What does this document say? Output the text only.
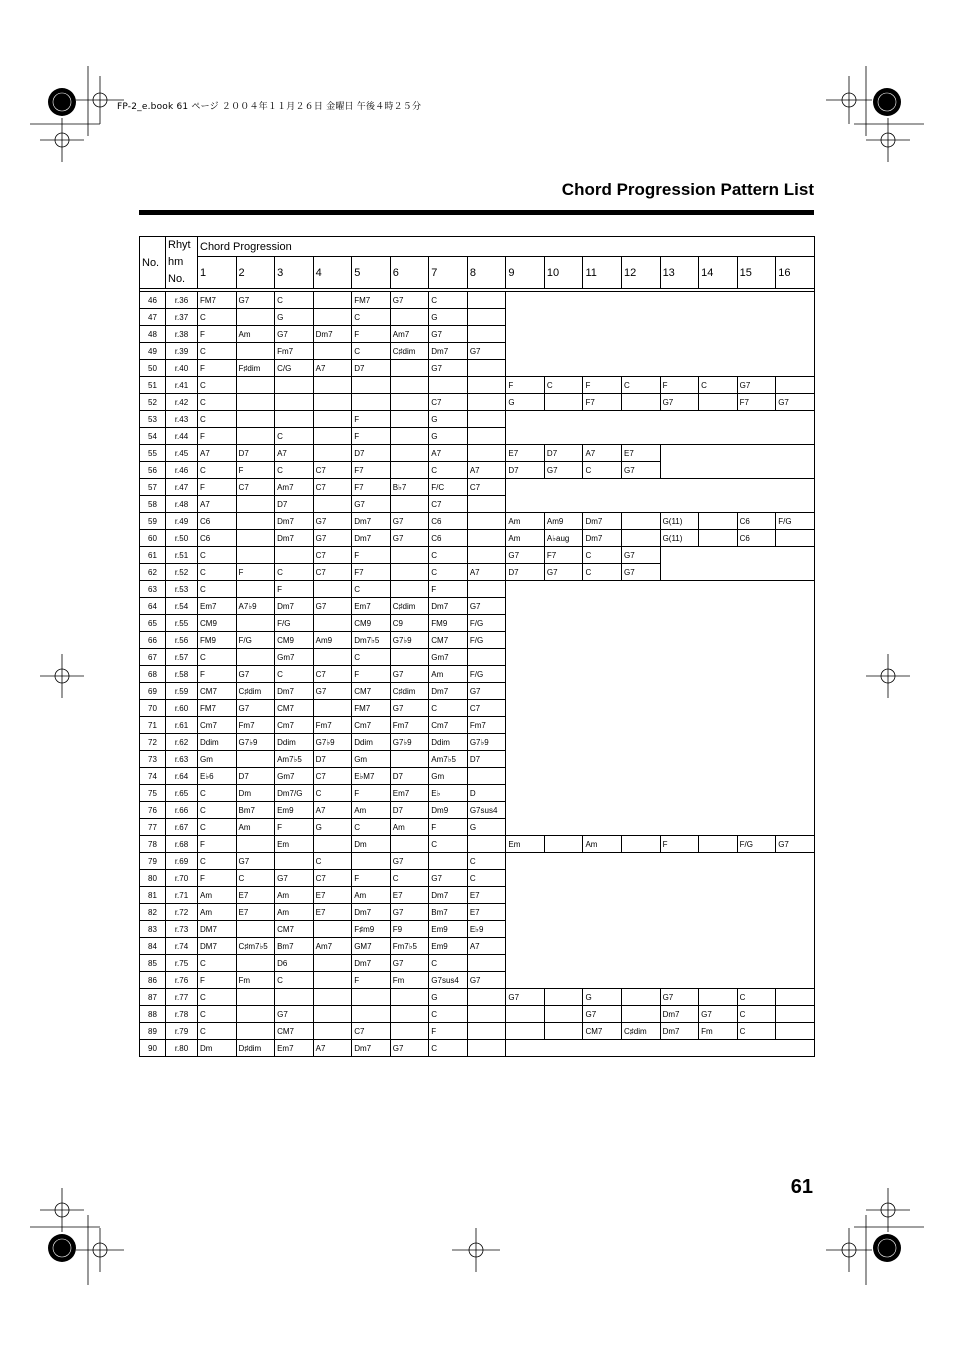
FP-2_e.book 61 ページ ２００４年１１月２６日 金曜日 午後４時２５分
Chord Progression Pattern List
No.	Rhyt
hm
No.	Chord Progression															
		1	2	3	4	5	6	7	8	9	10	11	12	13	14	15	16

46	r.36	FM7	G7	C		FM7	G7	C									
47	r.37	C		G		C		G									
48	r.38	F	Am	G7	Dm7	F	Am7	G7									
49	r.39	C		Fm7		C	C♯dim	Dm7	G7								
50	r.40	F	F♯dim	C/G	A7	D7		G7									
51	r.41	C								F	C	F	C	F	C	G7	
52	r.42	C						C7		G		F7		G7		F7	G7
53	r.43	C				F		G									
54	r.44	F		C		F		G									
55	r.45	A7	D7	A7		D7		A7		E7	D7	A7	E7				
56	r.46	C	F	C	C7	F7		C	A7	D7	G7	C	G7				
57	r.47	F	C7	Am7	C7	F7	B♭7	F/C	C7								
58	r.48	A7		D7		G7		C7									
59	r.49	C6		Dm7	G7	Dm7	G7	C6		Am	Am9	Dm7		G(11)		C6	F/G
60	r.50	C6		Dm7	G7	Dm7	G7	C6		Am	A♭aug	Dm7		G(11)		C6	
61	r.51	C			C7	F		C		G7	F7	C	G7				
62	r.52	C	F	C	C7	F7		C	A7	D7	G7	C	G7				
63	r.53	C		F		C		F									
64	r.54	Em7	A7♭9	Dm7	G7	Em7	C♯dim	Dm7	G7								
65	r.55	CM9		F/G		CM9	C9	FM9	F/G								
66	r.56	FM9	F/G	CM9	Am9	Dm7♭5	G7♭9	CM7	F/G								
67	r.57	C		Gm7		C		Gm7									
68	r.58	F	G7	C	C7	F	G7	Am	F/G								
69	r.59	CM7	C♯dim	Dm7	G7	CM7	C♯dim	Dm7	G7								
70	r.60	FM7	G7	CM7		FM7	G7	C	C7								
71	r.61	Cm7	Fm7	Cm7	Fm7	Cm7	Fm7	Cm7	Fm7								
72	r.62	Ddim	G7♭9	Ddim	G7♭9	Ddim	G7♭9	Ddim	G7♭9								
73	r.63	Gm		Am7♭5	D7	Gm		Am7♭5	D7								
74	r.64	E♭6	D7	Gm7	C7	E♭M7	D7	Gm									
75	r.65	C	Dm	Dm7/G	C	F	Em7	E♭	D								
76	r.66	C	Bm7	Em9	A7	Am	D7	Dm9	G7sus4								
77	r.67	C	Am	F	G	C	Am	F	G								
78	r.68	F		Em		Dm		C		Em		Am		F		F/G	G7
79	r.69	C	G7		C		G7		C								
80	r.70	F	C	G7	C7	F	C	G7	C								
81	r.71	Am	E7	Am	E7	Am	E7	Dm7	E7								
82	r.72	Am	E7	Am	E7	Dm7	G7	Bm7	E7								
83	r.73	DM7		CM7		F♯m9	F9	Em9	E♭9								
84	r.74	DM7	C♯m7♭5	Bm7	Am7	GM7	Fm7♭5	Em9	A7								
85	r.75	C		D6		Dm7	G7	C									
86	r.76	F	Fm	C		F	Fm	G7sus4	G7								
87	r.77	C						G		G7		G		G7		C	
88	r.78	C		G7				C				G7		Dm7	G7	C	
89	r.79	C		CM7		C7		F				CM7	C♯dim	Dm7	Fm	C	
90	r.80	Dm	D♯dim	Em7	A7	Dm7	G7	C									
61
